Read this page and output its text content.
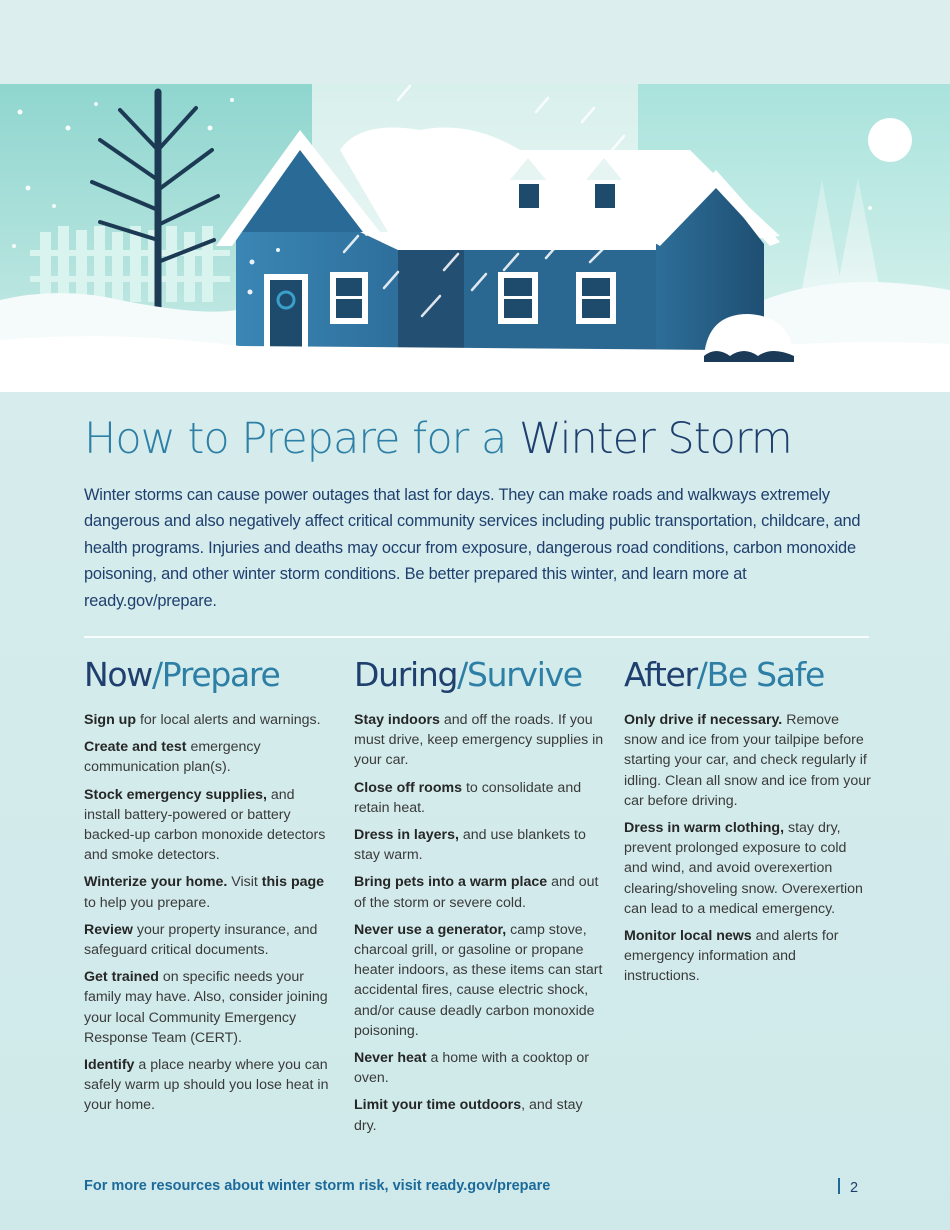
How to Prepare for a Winter Storm

Winter storms can cause power outages that last for days. They can make roads and walkways extremely dangerous and also negatively affect critical community services including public transportation, childcare, and health programs. Injuries and deaths may occur from exposure, dangerous road conditions, carbon monoxide poisoning, and other winter storm conditions. Be better prepared this winter, and learn more at ready.gov/prepare.

Now/Prepare

Sign up for local alerts and warnings.

Create and test emergency communication plan(s).

Stock emergency supplies, and install battery-powered or battery backed-up carbon monoxide detectors and smoke detectors.

Winterize your home. Visit this page to help you prepare.

Review your property insurance, and safeguard critical documents.

Get trained on specific needs your family may have. Also, consider joining your local Community Emergency Response Team (CERT).

Identify a place nearby where you can safely warm up should you lose heat in your home.

During/Survive

Stay indoors and off the roads. If you must drive, keep emergency supplies in your car.

Close off rooms to consolidate and retain heat.

Dress in layers, and use blankets to stay warm.

Bring pets into a warm place and out of the storm or severe cold.

Never use a generator, camp stove, charcoal grill, or gasoline or propane heater indoors, as these items can start accidental fires, cause electric shock, and/or cause deadly carbon monoxide poisoning.

Never heat a home with a cooktop or oven.

Limit your time outdoors, and stay dry.

After/Be Safe

Only drive if necessary. Remove snow and ice from your tailpipe before starting your car, and check regularly if idling. Clean all snow and ice from your car before driving.

Dress in warm clothing, stay dry, prevent prolonged exposure to cold and wind, and avoid overexertion clearing/shoveling snow. Overexertion can lead to a medical emergency.

Monitor local news and alerts for emergency information and instructions.

For more resources about winter storm risk, visit ready.gov/prepare	2
